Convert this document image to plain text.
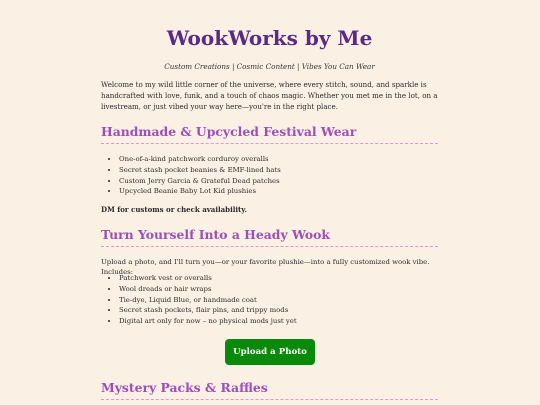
WookWorks by Me
Custom Creations | Cosmic Content | Vibes You Can Wear

Welcome to my wild little corner of the universe, where every stitch, sound, and sparkle is handcrafted with love, funk, and a touch of chaos magic. Whether you met me in the lot, on a livestream, or just vibed your way here—you're in the right place.

Handmade & Upcycled Festival Wear
• One-of-a-kind patchwork corduroy overalls
• Secret stash pocket beanies & EMF-lined hats
• Custom Jerry Garcia & Grateful Dead patches
• Upcycled Beanie Baby Lot Kid plushies

DM for customs or check availability.

Turn Yourself Into a Heady Wook

Upload a photo, and I'll turn you—or your favorite plushie—into a fully customized wook vibe. Includes:

• Patchwork vest or overalls
• Wool dreads or hair wraps
• Tie-dye, Liquid Blue, or handmade coat
• Secret stash pockets, flair pins, and trippy mods
• Digital art only for now – no physical mods just yet
Upload a Photo
Mystery Packs & Raffles
